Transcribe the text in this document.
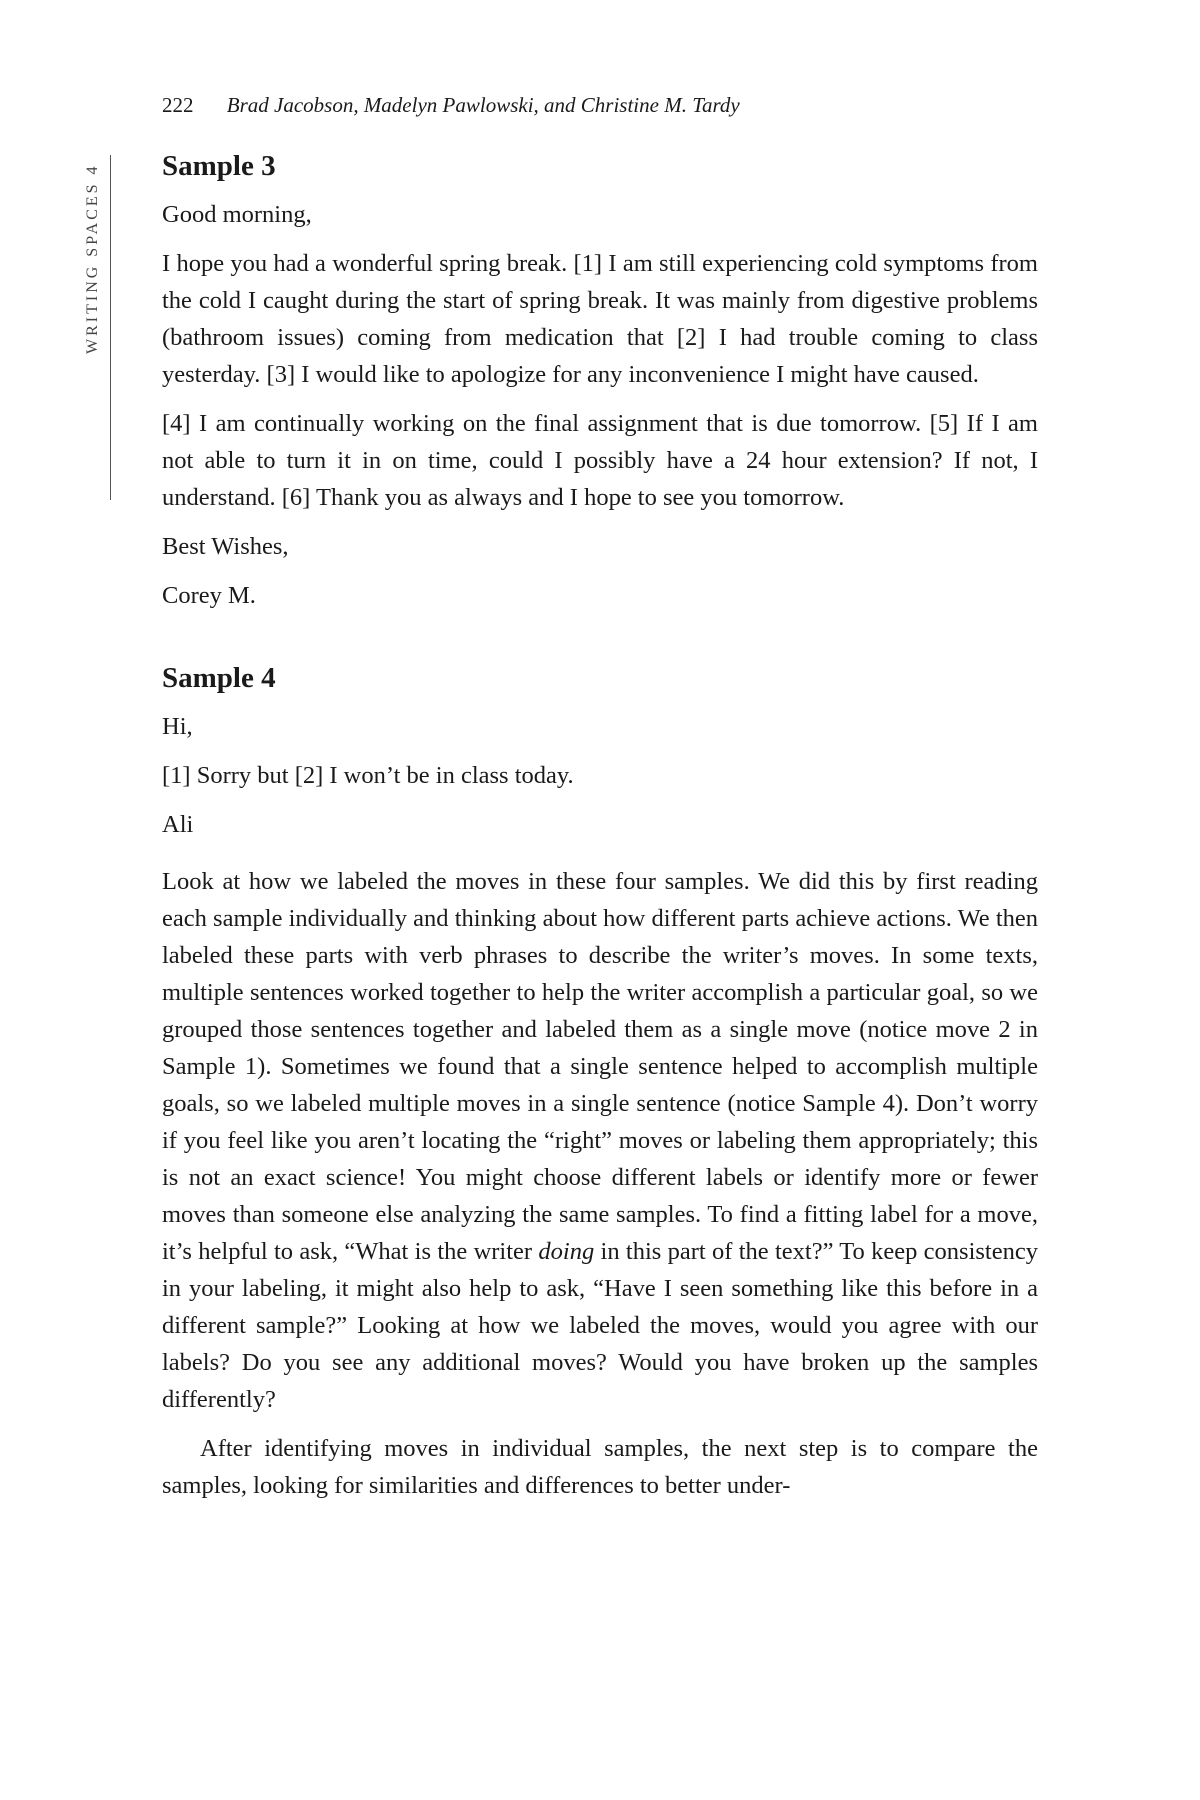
222 Brad Jacobson, Madelyn Pawlowski, and Christine M. Tardy
WRITING SPACES 4 Sample 3

Good morning,

I hope you had a wonderful spring break. [1] I am still experiencing cold symptoms from the cold I caught during the start of spring break. It was mainly from digestive problems (bathroom issues) coming from medication that [2] I had trouble coming to class yesterday. [3] I would like to apologize for any inconvenience I might have caused.

[4] I am continually working on the final assignment that is due tomorrow. [5] If I am not able to turn it in on time, could I possibly have a 24 hour extension? If not, I understand. [6] Thank you as always and I hope to see you tomorrow.

Best Wishes,

Corey M.

Sample 4

Hi,

[1] Sorry but [2] I won’t be in class today.

Ali

Look at how we labeled the moves in these four samples. We did this by first reading each sample individually and thinking about how different parts achieve actions. We then labeled these parts with verb phrases to describe the writer’s moves. In some texts, multiple sentences worked together to help the writer accomplish a particular goal, so we grouped those sentences together and labeled them as a single move (notice move 2 in Sample 1). Sometimes we found that a single sentence helped to accomplish multiple goals, so we labeled multiple moves in a single sentence (notice Sample 4). Don’t worry if you feel like you aren’t locating the “right” moves or labeling them appropriately; this is not an exact science! You might choose different labels or identify more or fewer moves than someone else analyzing the same samples. To find a fitting label for a move, it’s helpful to ask, “What is the writer doing in this part of the text?” To keep consistency in your labeling, it might also help to ask, “Have I seen something like this before in a different sample?” Looking at how we labeled the moves, would you agree with our labels? Do you see any additional moves? Would you have broken up the samples differently?

After identifying moves in individual samples, the next step is to compare the samples, looking for similarities and differences to better under-
